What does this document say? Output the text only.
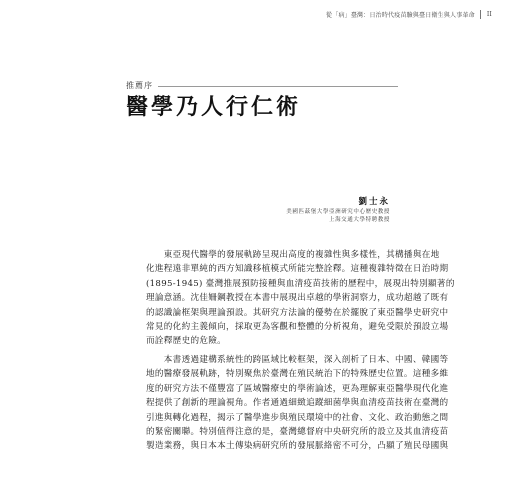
從「病」臺灣：日治時代疫苗驗與臺日衛生與人事革命 II
推薦序
醫學乃人行仁術
劉士永
美國匹茲堡大學亞洲研究中心歷史教授
上海交通大學特聘教授
　　東亞現代醫學的發展軌跡呈現出高度的複雜性與多樣性，其構播與在地
化進程遠非單純的西方知識移植模式所能完整詮釋。這種複雜特徵在日治時期
(1895-1945) 臺灣推展預防接種與血清疫苗技術的歷程中，展現出特別顯著的
理論意涵。沈佳姍鋼教授在本書中展現出卓越的學術洞察力，成功超越了既有
的認識論框架與理論預設。其研究方法論的優勢在於擺脫了東亞醫學史研究中
常見的化約主義傾向，採取更為客觀和整體的分析視角，避免受限於預設立場
而詮釋歷史的危險。
　　本書透過建構系統性的跨區域比較框架，深入剖析了日本、中國、韓國等
地的醫療發展軌跡，特別聚焦於臺灣在殖民統治下的特殊歷史位置。這種多維
度的研究方法不僅豐富了區域醫療史的學術論述，更為理解東亞醫學現代化進
程提供了創新的理論視角。作者通過細緻追蹤細菌學與血清疫苗技術在臺灣的
引進與轉化過程，揭示了醫學進步與殖民環境中的社會、文化、政治動態之間
的緊密關聯。特別值得注意的是，臺灣總督府中央研究所的設立及其血清疫苗
製造業務，與日本本土傳染病研究所的發展脈絡密不可分，凸顯了殖民母國與
